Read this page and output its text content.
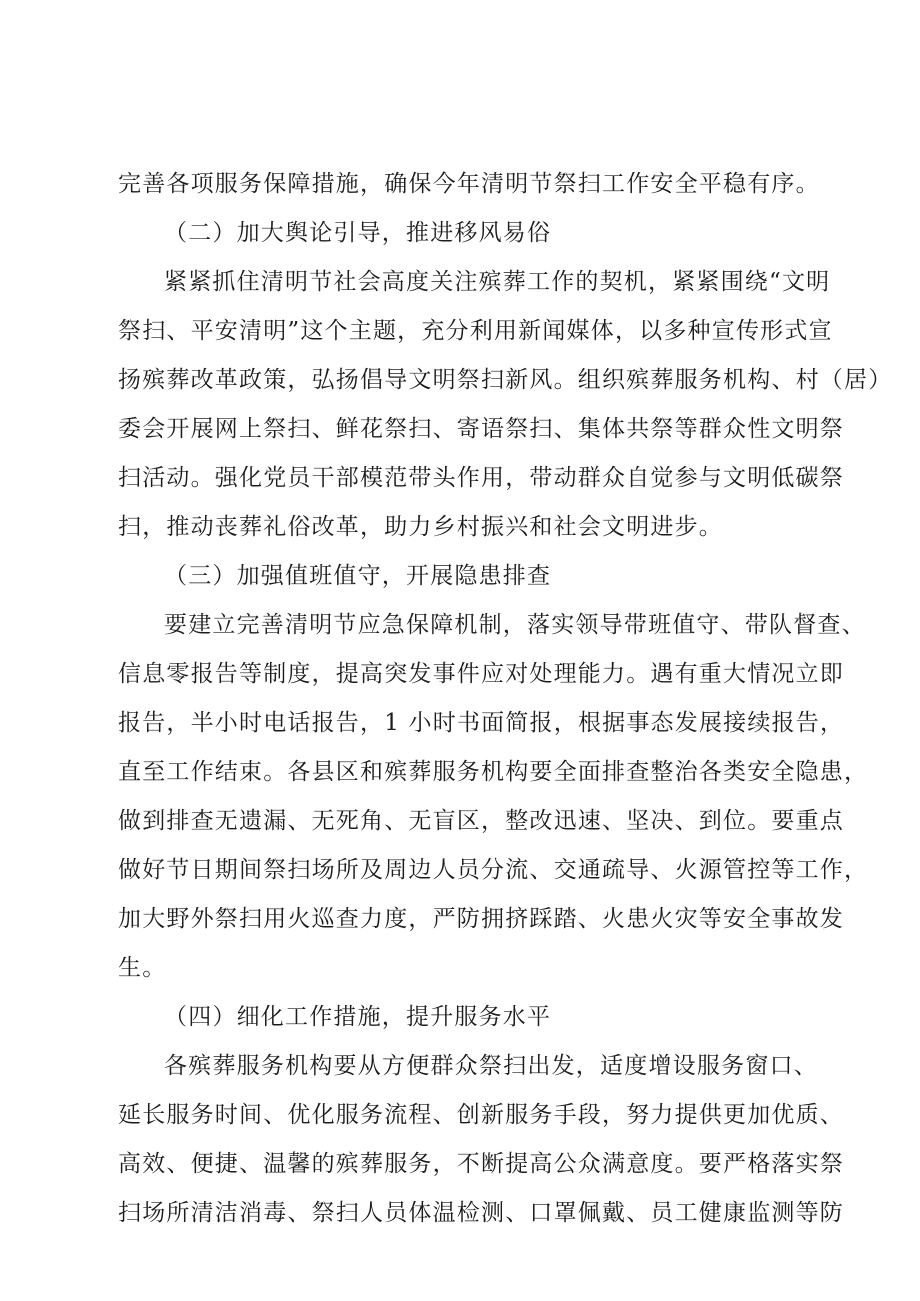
完善各项服务保障措施，确保今年清明节祭扫工作安全平稳有序。
（二）加大舆论引导，推进移风易俗
紧紧抓住清明节社会高度关注殡葬工作的契机，紧紧围绕“文明
祭扫、平安清明”这个主题，充分利用新闻媒体，以多种宣传形式宣
扬殡葬改革政策，弘扬倡导文明祭扫新风。组织殡葬服务机构、村（居）
委会开展网上祭扫、鲜花祭扫、寄语祭扫、集体共祭等群众性文明祭
扫活动。强化党员干部模范带头作用，带动群众自觉参与文明低碳祭
扫，推动丧葬礼俗改革，助力乡村振兴和社会文明进步。
（三）加强值班值守，开展隐患排查
要建立完善清明节应急保障机制，落实领导带班值守、带队督查、
信息零报告等制度，提高突发事件应对处理能力。遇有重大情况立即
报告，半小时电话报告，1 小时书面简报，根据事态发展接续报告，
直至工作结束。各县区和殡葬服务机构要全面排查整治各类安全隐患，
做到排查无遗漏、无死角、无盲区，整改迅速、坚决、到位。要重点
做好节日期间祭扫场所及周边人员分流、交通疏导、火源管控等工作，
加大野外祭扫用火巡查力度，严防拥挤踩踏、火患火灾等安全事故发
生。
（四）细化工作措施，提升服务水平
各殡葬服务机构要从方便群众祭扫出发，适度增设服务窗口、
延长服务时间、优化服务流程、创新服务手段，努力提供更加优质、
高效、便捷、温馨的殡葬服务，不断提高公众满意度。要严格落实祭
扫场所清洁消毒、祭扫人员体温检测、口罩佩戴、员工健康监测等防
